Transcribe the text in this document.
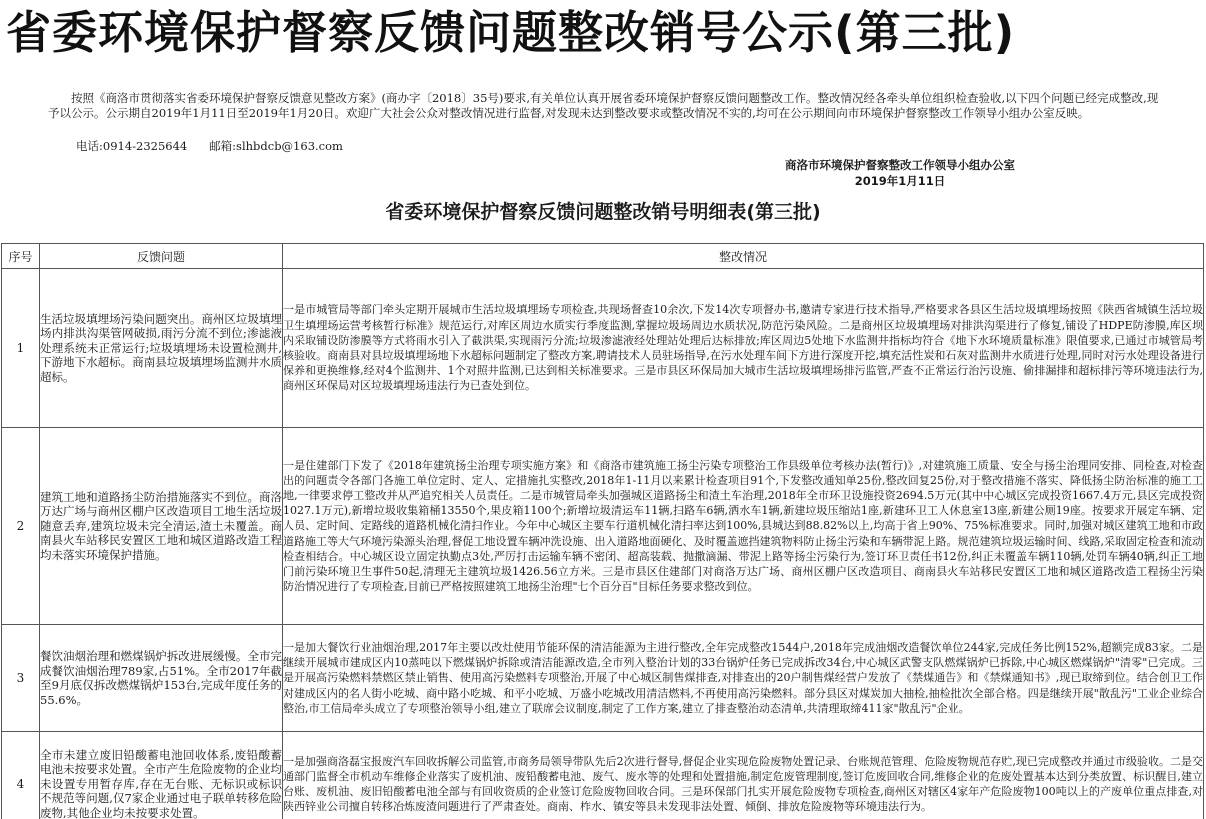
省委环境保护督察反馈问题整改销号公示(第三批)

按照《商洛市贯彻落实省委环境保护督察反馈意见整改方案》(商办字〔2018〕35号)要求,有关单位认真开展省委环境保护督察反馈问题整改工作。整改情况经各牵头单位组织检查验收,以下四个问题已经完成整改,现予以公示。公示期自2019年1月11日至2019年1月20日。欢迎广大社会公众对整改情况进行监督,对发现未达到整改要求或整改情况不实的,均可在公示期间向市环境保护督察整改工作领导小组办公室反映。

电话:0914-2325644      邮箱:slhbdcb@163.com

商洛市环境保护督察整改工作领导小组办公室
2019年1月11日
省委环境保护督察反馈问题整改销号明细表(第三批)
序号	反馈问题	整改情况
1	生活垃圾填埋场污染问题突出。商州区垃圾填埋场内排洪沟渠管网破损,雨污分流不到位;渗滤液处理系统未正常运行;垃圾填埋场未设置检测井,下游地下水超标。商南县垃圾填埋场监测井水质超标。	一是市城管局等部门牵头定期开展城市生活垃圾填埋场专项检查,共现场督查10余次,下发14次专项督办书,邀请专家进行技术指导,严格要求各县区生活垃圾填埋场按照《陕西省城镇生活垃圾卫生填埋场运营考核暂行标准》规范运行,对库区周边水质实行季度监测,掌握垃圾场周边水质状况,防范污染风险。二是商州区垃圾填埋场对排洪沟渠进行了修复,铺设了HDPE防渗膜,库区坝内采取铺设防渗膜等方式将雨水引入了截洪渠,实现雨污分流;垃圾渗滤液经处理站处理后达标排放;库区周边5处地下水监测井指标均符合《地下水环境质量标准》限值要求,已通过市城管局考核验收。商南县对县垃圾填埋场地下水超标问题制定了整改方案,聘请技术人员驻场指导,在污水处理车间下方进行深度开挖,填充活性炭和石灰对监测井水质进行处理,同时对污水处理设备进行保养和更换维修,经对4个监测井、1个对照井监测,已达到相关标准要求。三是市县区环保局加大城市生活垃圾填埋场排污监管,严查不正常运行治污设施、偷排漏排和超标排污等环境违法行为,商州区环保局对区垃圾填埋场违法行为已查处到位。
2	建筑工地和道路扬尘防治措施落实不到位。商洛万达广场与商州区棚户区改造项目工地生活垃圾随意丢弃,建筑垃圾未完全清运,渣土未覆盖。商南县火车站移民安置区工地和城区道路改造工程均未落实环境保护措施。	一是住建部门下发了《2018年建筑扬尘治理专项实施方案》和《商洛市建筑施工扬尘污染专项整治工作县级单位考核办法(暂行)》,对建筑施工质量、安全与扬尘治理同安排、同检查,对检查出的问题责令各部门各施工单位定时、定人、定措施扎实整改,2018年1-11月以来累计检查项目91个,下发整改通知单25份,整改回复25份,对于整改措施不落实、降低扬尘防治标准的施工工地,一律要求停工整改并从严追究相关人员责任。二是市城管局牵头加强城区道路扬尘和渣土车治理,2018年全市环卫设施投资2694.5万元(其中中心城区完成投资1667.4万元,县区完成投资1027.1万元),新增垃圾收集箱桶13550个,果皮箱1100个;新增垃圾清运车11辆,扫路车6辆,洒水车1辆,新建垃圾压缩站1座,新建环卫工人休息室13座,新建公厕19座。按要求开展定车辆、定人员、定时间、定路线的道路机械化清扫作业。今年中心城区主要车行道机械化清扫率达到100%,县城达到88.82%以上,均高于省上90%、75%标准要求。同时,加强对城区建筑工地和市政道路施工等大气环境污染源头治理,督促工地设置车辆冲洗设施、出入道路地面硬化、及时覆盖遮挡建筑物料防止扬尘污染和车辆带泥上路。规范建筑垃圾运输时间、线路,采取固定检查和流动检查相结合。中心城区设立固定执勤点3处,严厉打击运输车辆不密闭、超高装载、抛撒滴漏、带泥上路等扬尘污染行为,签订环卫责任书12份,纠正未覆盖车辆110辆,处罚车辆40辆,纠正工地门前污染环境卫生事件50起,清理无主建筑垃圾1426.56立方米。三是市县区住建部门对商洛万达广场、商州区棚户区改造项目、商南县火车站移民安置区工地和城区道路改造工程扬尘污染防治情况进行了专项检查,目前已严格按照建筑工地扬尘治理"七个百分百"目标任务要求整改到位。
3	餐饮油烟治理和燃煤锅炉拆改进展缓慢。全市完成餐饮油烟治理789家,占51%。全市2017年截至9月底仅拆改燃煤锅炉153台,完成年度任务的55.6%。	一是加大餐饮行业油烟治理,2017年主要以改灶使用节能环保的清洁能源为主进行整改,全年完成整改1544户,2018年完成油烟改造餐饮单位244家,完成任务比例152%,超额完成83家。二是继续开展城市建成区内10蒸吨以下燃煤锅炉拆除或清洁能源改造,全市列入整治计划的33台锅炉任务已完成拆改34台,中心城区武警支队燃煤锅炉已拆除,中心城区燃煤锅炉"清零"已完成。三是开展高污染燃料禁燃区禁止销售、使用高污染燃料专项整治,开展了中心城区制售煤排查,对排查出的20户制售煤经营户发放了《禁煤通告》和《禁煤通知书》,现已取缔到位。结合创卫工作对建成区内的名人街小吃城、商中路小吃城、和平小吃城、万盛小吃城改用清洁燃料,不再使用高污染燃料。部分县区对煤炭加大抽检,抽检批次全部合格。四是继续开展"散乱污"工业企业综合整治,市工信局牵头成立了专项整治领导小组,建立了联席会议制度,制定了工作方案,建立了排查整治动态清单,共清理取缔411家"散乱污"企业。
4	全市未建立废旧铅酸蓄电池回收体系,废铅酸蓄电池未按要求处置。全市产生危险废物的企业均未设置专用暂存库,存在无台账、无标识或标识不规范等问题,仅7家企业通过电子联单转移危险废物,其他企业均未按要求处置。	一是加强商洛磊宝报废汽车回收拆解公司监管,市商务局领导带队先后2次进行督导,督促企业实现危险废物处置记录、台账规范管理、危险废物规范存贮,现已完成整改并通过市级验收。二是交通部门监督全市机动车维修企业落实了废机油、废铅酸蓄电池、废气、废水等的处理和处置措施,制定危废管理制度,签订危废回收合同,维修企业的危废处置基本达到分类放置、标识醒目,建立台账、废机油、废旧铅酸蓄电池全部与有回收资质的企业签订危险废物回收合同。三是环保部门扎实开展危险废物专项检查,商州区对辖区4家年产危险废物100吨以上的产废单位重点排查,对陕西锌业公司擅自转移冶炼废渣问题进行了严肃查处。商南、柞水、镇安等县未发现非法处置、倾倒、排放危险废物等环境违法行为。
